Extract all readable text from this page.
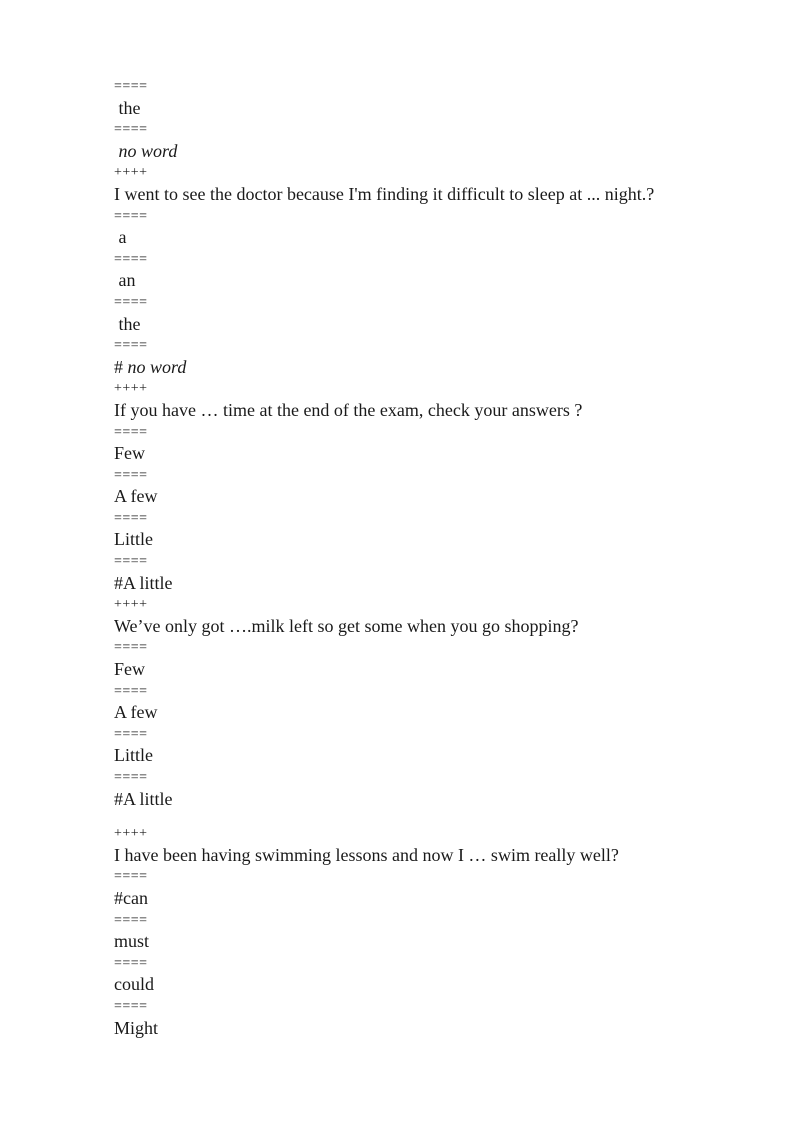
====
the
====
no word
++++
I went to see the doctor because I'm finding it difficult to sleep at ... night.?
====
a
====
an
====
the
====
# no word
++++
If you have … time at the end of the exam, check your answers ?
====
Few
====
A few
====
Little
====
#A little
++++
We’ve only got ….milk left so get some when you go shopping?
====
Few
====
A few
====
Little
====
#A little
++++
I have been having swimming lessons and now I … swim really well?
====
#can
====
must
====
could
====
Might
